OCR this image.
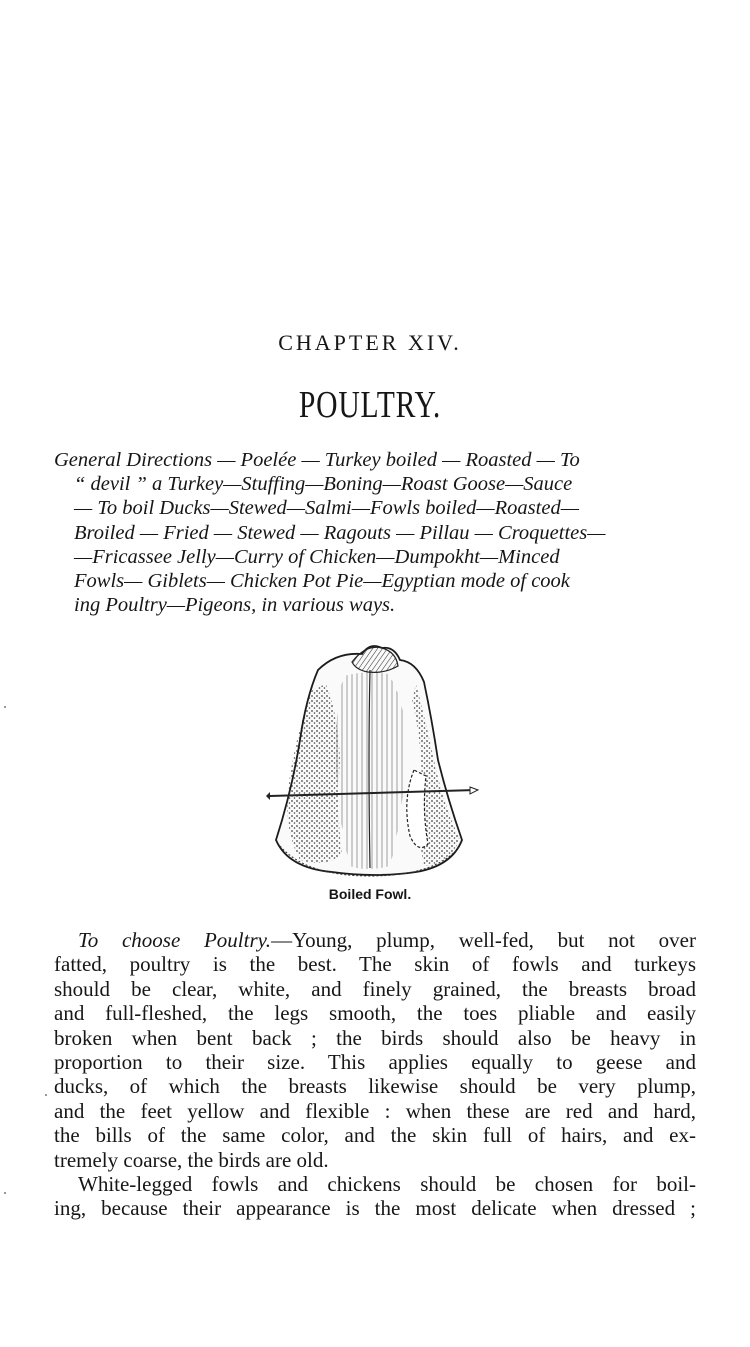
CHAPTER XIV.
POULTRY.
General Directions — Poelée — Turkey boiled — Roasted — To
“ devil ” a Turkey—Stuffing—Boning—Roast Goose—Sauce
— To boil Ducks—Stewed—Salmi—Fowls boiled—Roasted—
Broiled — Fried — Stewed — Ragouts — Pillau — Croquettes—
—Fricassee Jelly—Curry of Chicken—Dumpokht—Minced
Fowls— Giblets— Chicken Pot Pie—Egyptian mode of cook
ing Poultry—Pigeons, in various ways.
Boiled Fowl.
To choose Poultry.—Young, plump, well-fed, but not over
fatted, poultry is the best. The skin of fowls and turkeys
should be clear, white, and finely grained, the breasts broad
and full-fleshed, the legs smooth, the toes pliable and easily
broken when bent back ; the birds should also be heavy in
proportion to their size. This applies equally to geese and
ducks, of which the breasts likewise should be very plump,
and the feet yellow and flexible : when these are red and hard,
the bills of the same color, and the skin full of hairs, and ex-
tremely coarse, the birds are old.
White-legged fowls and chickens should be chosen for boil-
ing, because their appearance is the most delicate when dressed ;
